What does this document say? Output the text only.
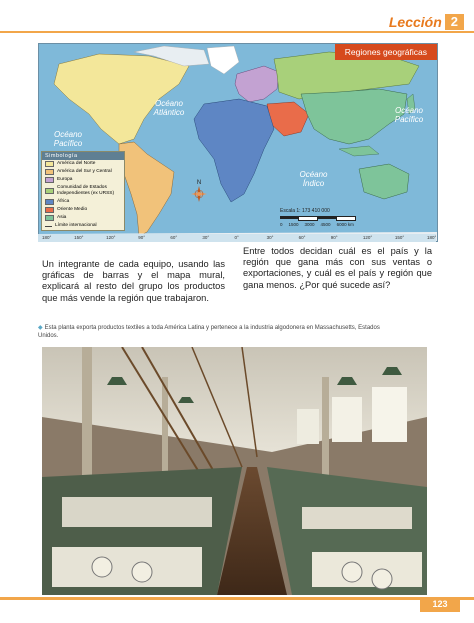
Lección 2
Regiones geográficas
Océano Atlántico	Océano Pacífico
Océano Pacífico
Océano Índico
Simbología
América del Norte
América del Sur y Central
Europa
Comunidad de Estados Independientes (ex URSS)
África
Oriente Medio
Asia
Límite internacional
N
Escala 1: 173 410 000
0 1500 3000 4500 6000 km
180°	150°	120°	90°	60°	30°	0°	30°	60°	90°	120°	150°	180°
Un integrante de cada equipo, usando las gráficas de barras y el mapa mural, explicará al resto del grupo los productos que más vende la región que trabajaron.
Entre todos decidan cuál es el país y la región que gana más con sus ventas o exportaciones, y cuál es el país y región que gana menos. ¿Por qué sucede así?
◆ Esta planta exporta productos textiles a toda América Latina y pertenece a la industria algodonera en Massachusetts, Estados Unidos.
123
